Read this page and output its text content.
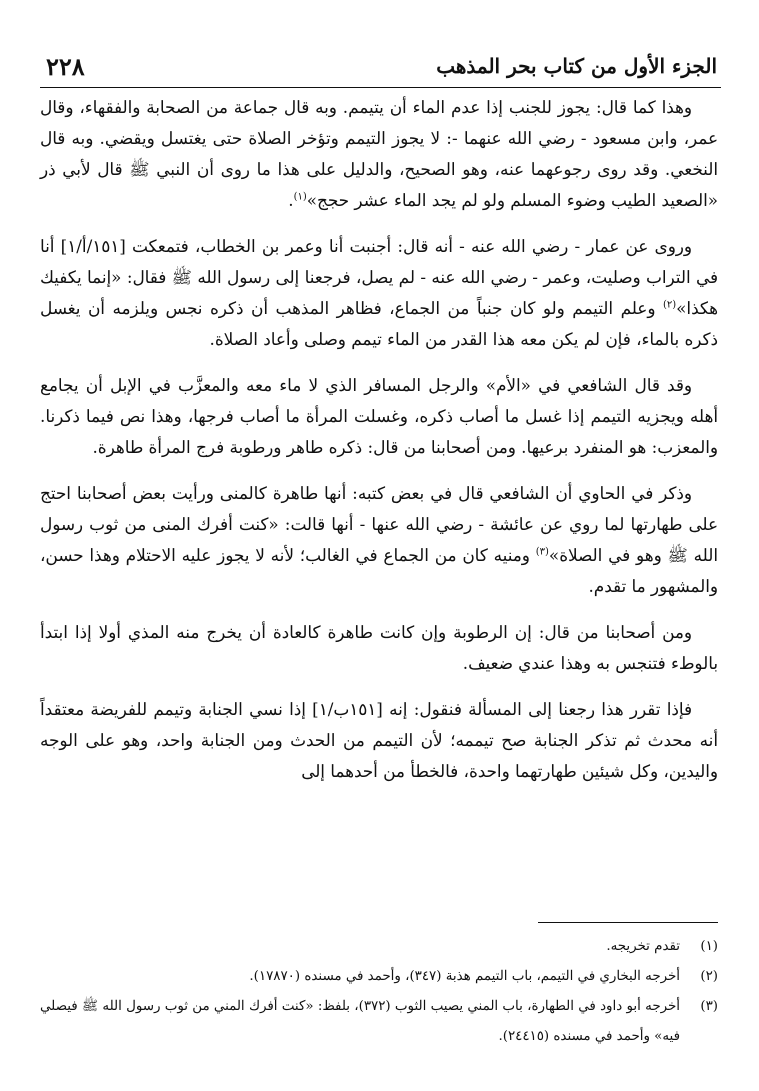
الجزء الأول من كتاب بحر المذهب
٢٢٨

وهذا كما قال: يجوز للجنب إذا عدم الماء أن يتيمم. وبه قال جماعة من الصحابة والفقهاء، وقال عمر، وابن مسعود - رضي الله عنهما -: لا يجوز التيمم وتؤخر الصلاة حتى يغتسل ويقضي. وبه قال النخعي. وقد روى رجوعهما عنه، وهو الصحيح، والدليل على هذا ما روى أن النبي ﷺ قال لأبي ذر «الصعيد الطيب وضوء المسلم ولو لم يجد الماء عشر حجج»$^{(١)}$.

وروى عن عمار - رضي الله عنه - أنه قال: أجنبت أنا وعمر بن الخطاب، فتمعكت [١٥١/أ/١] أنا في التراب وصليت، وعمر - رضي الله عنه - لم يصل، فرجعنا إلى رسول الله ﷺ فقال: «إنما يكفيك هكذا»$^{(٢)}$ وعلم التيمم ولو كان جنباً من الجماع، فظاهر المذهب أن ذكره نجس ويلزمه أن يغسل ذكره بالماء، فإن لم يكن معه هذا القدر من الماء تيمم وصلى وأعاد الصلاة.

وقد قال الشافعي في «الأم» والرجل المسافر الذي لا ماء معه والمعزَّب في الإبل أن يجامع أهله ويجزيه التيمم إذا غسل ما أصاب ذكره، وغسلت المرأة ما أصاب فرجها، وهذا نص فيما ذكرنا. والمعزب: هو المنفرد برعيها. ومن أصحابنا من قال: ذكره طاهر ورطوبة فرج المرأة طاهرة.

وذكر في الحاوي أن الشافعي قال في بعض كتبه: أنها طاهرة كالمنى ورأيت بعض أصحابنا احتج على طهارتها لما روي عن عائشة - رضي الله عنها - أنها قالت: «كنت أفرك المنى من ثوب رسول الله ﷺ وهو في الصلاة»$^{(٣)}$ ومنيه كان من الجماع في الغالب؛ لأنه لا يجوز عليه الاحتلام وهذا حسن، والمشهور ما تقدم.

ومن أصحابنا من قال: إن الرطوبة وإن كانت طاهرة كالعادة أن يخرج منه المذي أولا إذا ابتدأ بالوطء فتنجس به وهذا عندي ضعيف.

فإذا تقرر هذا رجعنا إلى المسألة فنقول: إنه [١٥١ب/١] إذا نسي الجنابة وتيمم للفريضة معتقداً أنه محدث ثم تذكر الجنابة صح تيممه؛ لأن التيمم من الحدث ومن الجنابة واحد، وهو على الوجه واليدين، وكل شيئين طهارتهما واحدة، فالخطأ من أحدهما إلى

(١)
تقدم تخريجه.
(٢)
أخرجه البخاري في التيمم، باب التيمم هذبة (٣٤٧)، وأحمد في مسنده (١٧٨٧٠).
(٣)
أخرجه أبو داود في الطهارة، باب المني يصيب الثوب (٣٧٢)، بلفظ: «كنت أفرك المني من ثوب رسول الله ﷺ فيصلي فيه» وأحمد في مسنده (٢٤٤١٥).
